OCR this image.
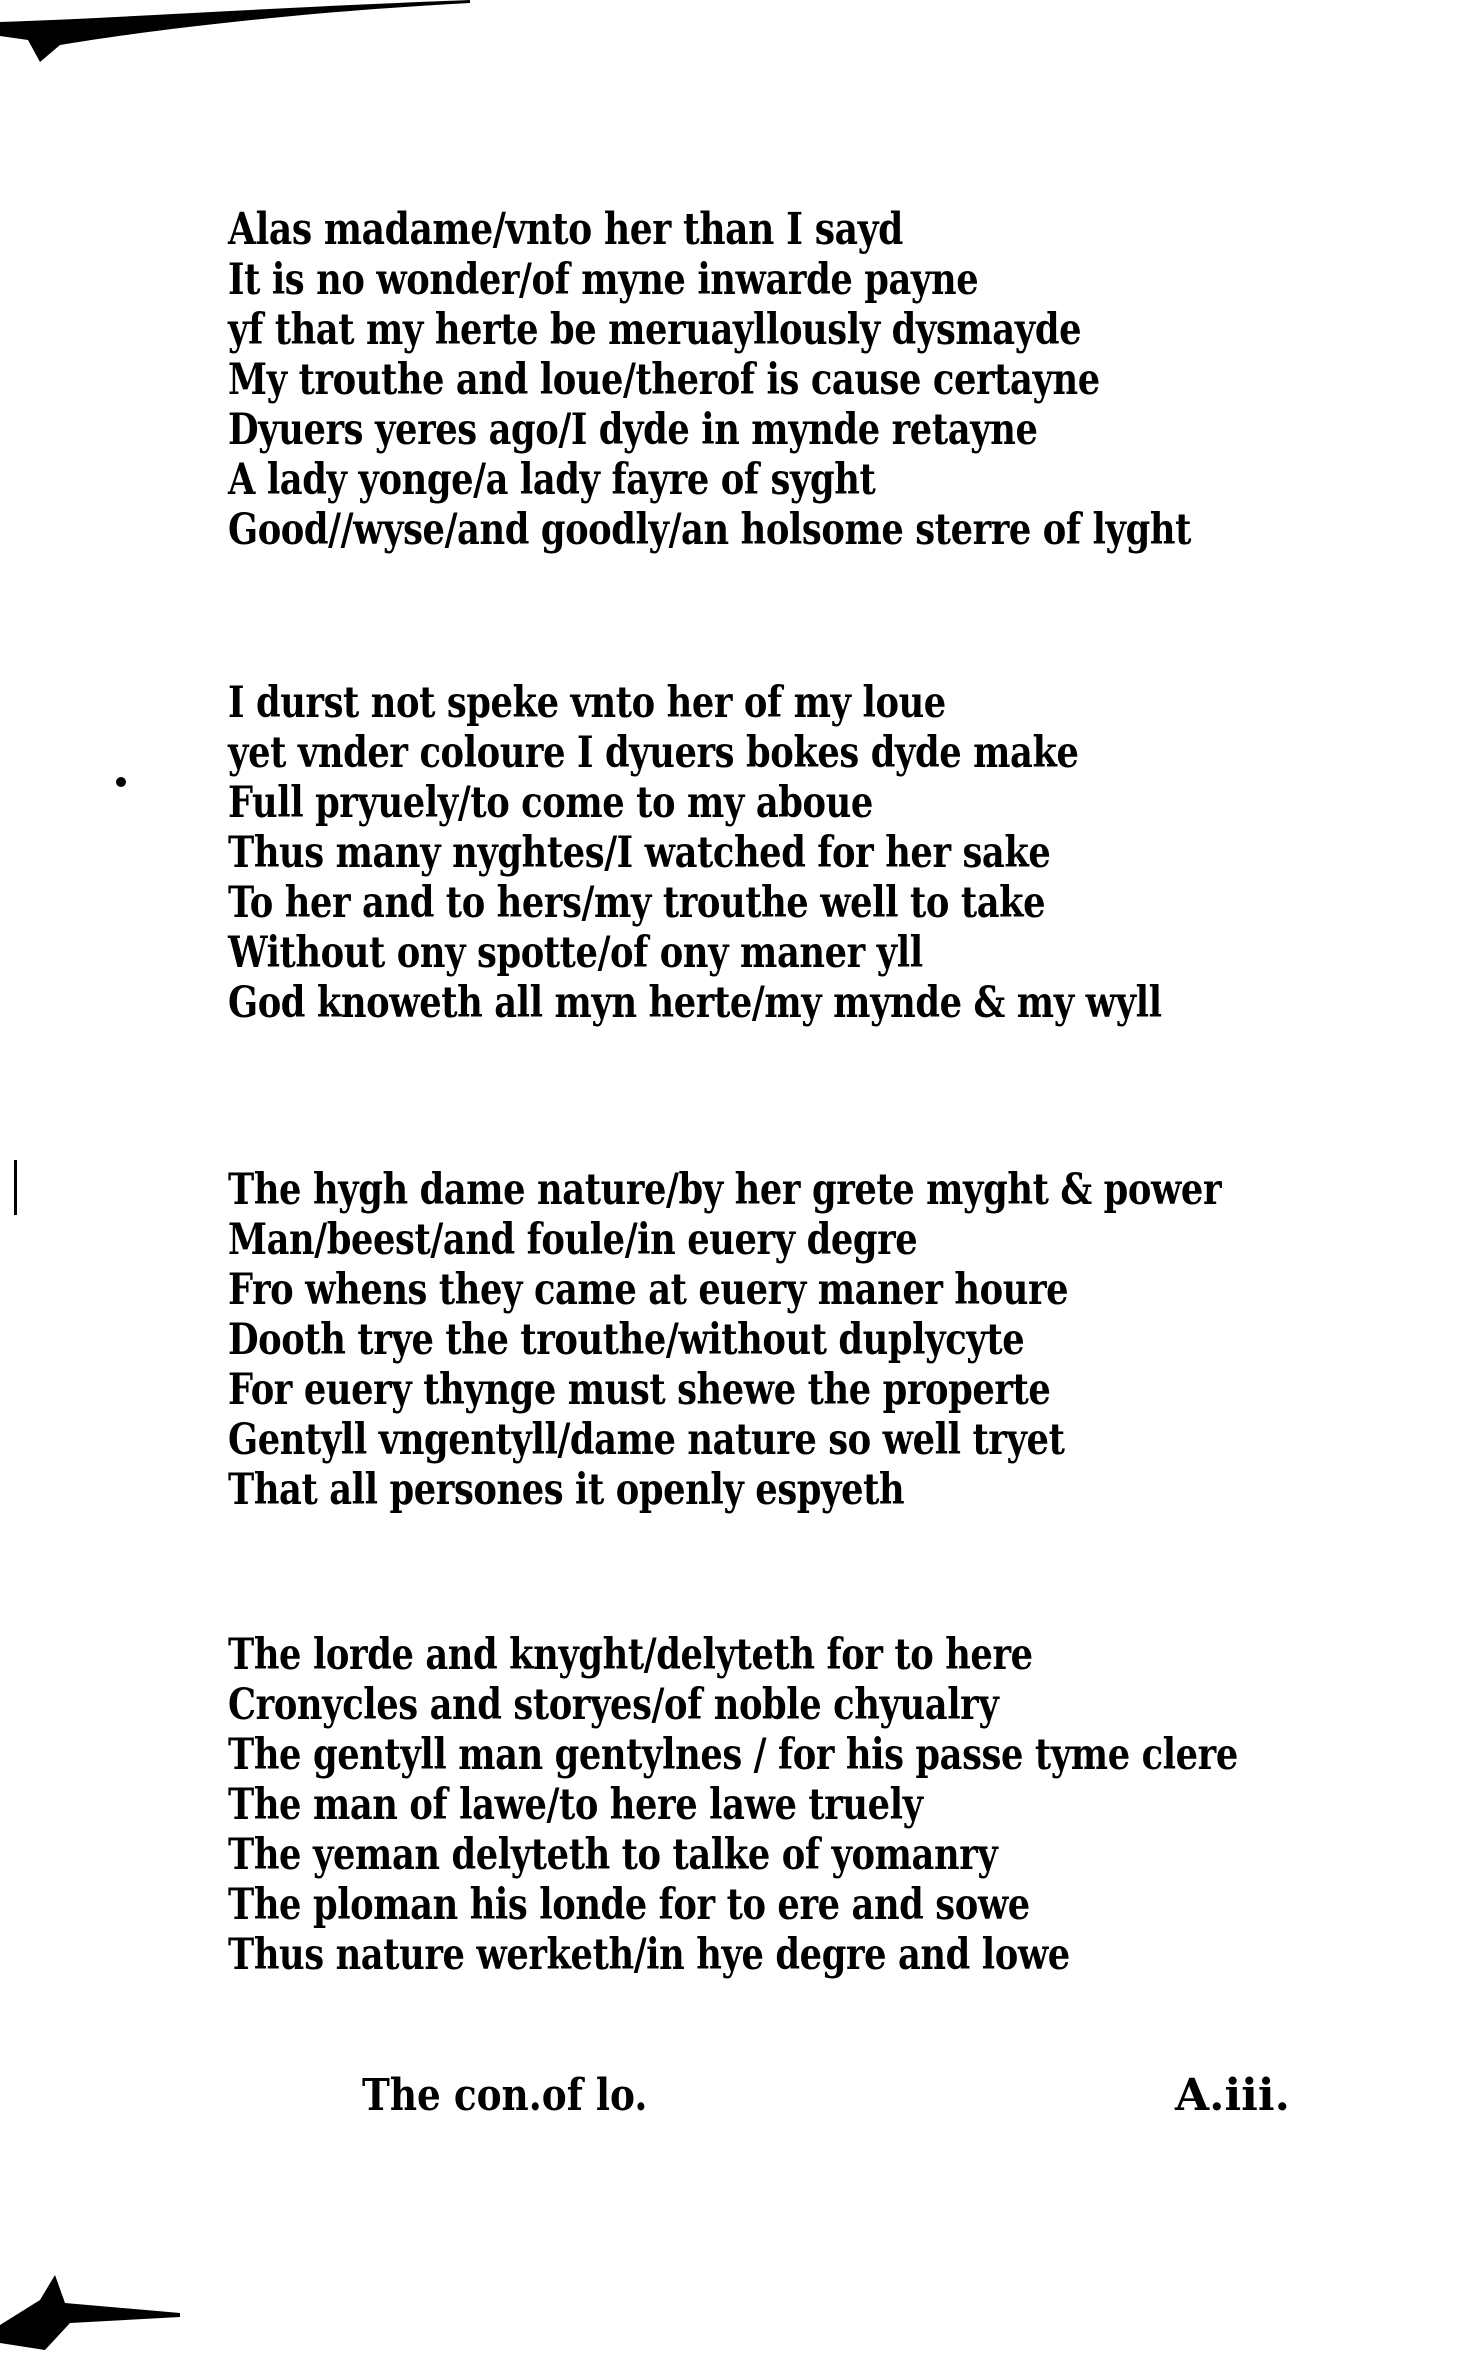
Alas madame/vnto her than I sayd
It is no wonder/of myne inwarde payne
yf that my herte be meruayllously dysmayde
My trouthe and loue/therof is cause certayne
Dyuers yeres ago/I dyde in mynde retayne
A lady yonge/a lady fayre of syght
Good//wyse/and goodly/an holsome sterre of lyght
I durst not speke vnto her of my loue
yet vnder coloure I dyuers bokes dyde make
Full pryuely/to come to my aboue
Thus many nyghtes/I watched for her sake
To her and to hers/my trouthe well to take
Without ony spotte/of ony maner yll
God knoweth all myn herte/my mynde & my wyll
The hygh dame nature/by her grete myght & power
Man/beest/and foule/in euery degre
Fro whens they came at euery maner houre
Dooth trye the trouthe/without duplycyte
For euery thynge must shewe the properte
Gentyll vngentyll/dame nature so well tryet
That all persones it openly espyeth
The lorde and knyght/delyteth for to here
Cronycles and storyes/of noble chyualry
The gentyll man gentylnes / for his passe tyme clere
The man of lawe/to here lawe truely
The yeman delyteth to talke of yomanry
The ploman his londe for to ere and sowe
Thus nature werketh/in hye degre and lowe
The con.of lo.	A.iii.
